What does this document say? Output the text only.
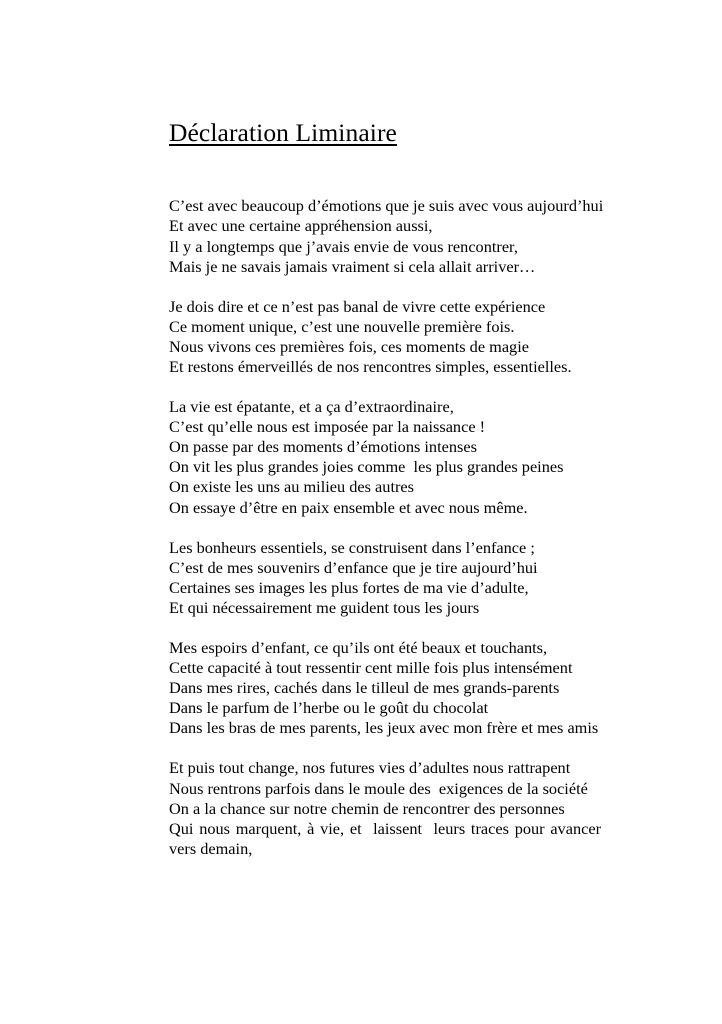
Déclaration Liminaire

C’est avec beaucoup d’émotions que je suis avec vous aujourd’hui
Et avec une certaine appréhension aussi,
Il y a longtemps que j’avais envie de vous rencontrer,
Mais je ne savais jamais vraiment si cela allait arriver…

Je dois dire et ce n’est pas banal de vivre cette expérience
Ce moment unique, c’est une nouvelle première fois.
Nous vivons ces premières fois, ces moments de magie
Et restons émerveillés de nos rencontres simples, essentielles.

La vie est épatante, et a ça d’extraordinaire,
C’est qu’elle nous est imposée par la naissance !
On passe par des moments d’émotions intenses
On vit les plus grandes joies comme  les plus grandes peines
On existe les uns au milieu des autres
On essaye d’être en paix ensemble et avec nous même.

Les bonheurs essentiels, se construisent dans l’enfance ;
C’est de mes souvenirs d’enfance que je tire aujourd’hui
Certaines ses images les plus fortes de ma vie d’adulte,
Et qui nécessairement me guident tous les jours

Mes espoirs d’enfant, ce qu’ils ont été beaux et touchants,
Cette capacité à tout ressentir cent mille fois plus intensément
Dans mes rires, cachés dans le tilleul de mes grands-parents
Dans le parfum de l’herbe ou le goût du chocolat
Dans les bras de mes parents, les jeux avec mon frère et mes amis

Et puis tout change, nos futures vies d’adultes nous rattrapent
Nous rentrons parfois dans le moule des  exigences de la société
On a la chance sur notre chemin de rencontrer des personnes
Qui nous marquent, à vie, et  laissent  leurs traces pour avancer vers demain,
